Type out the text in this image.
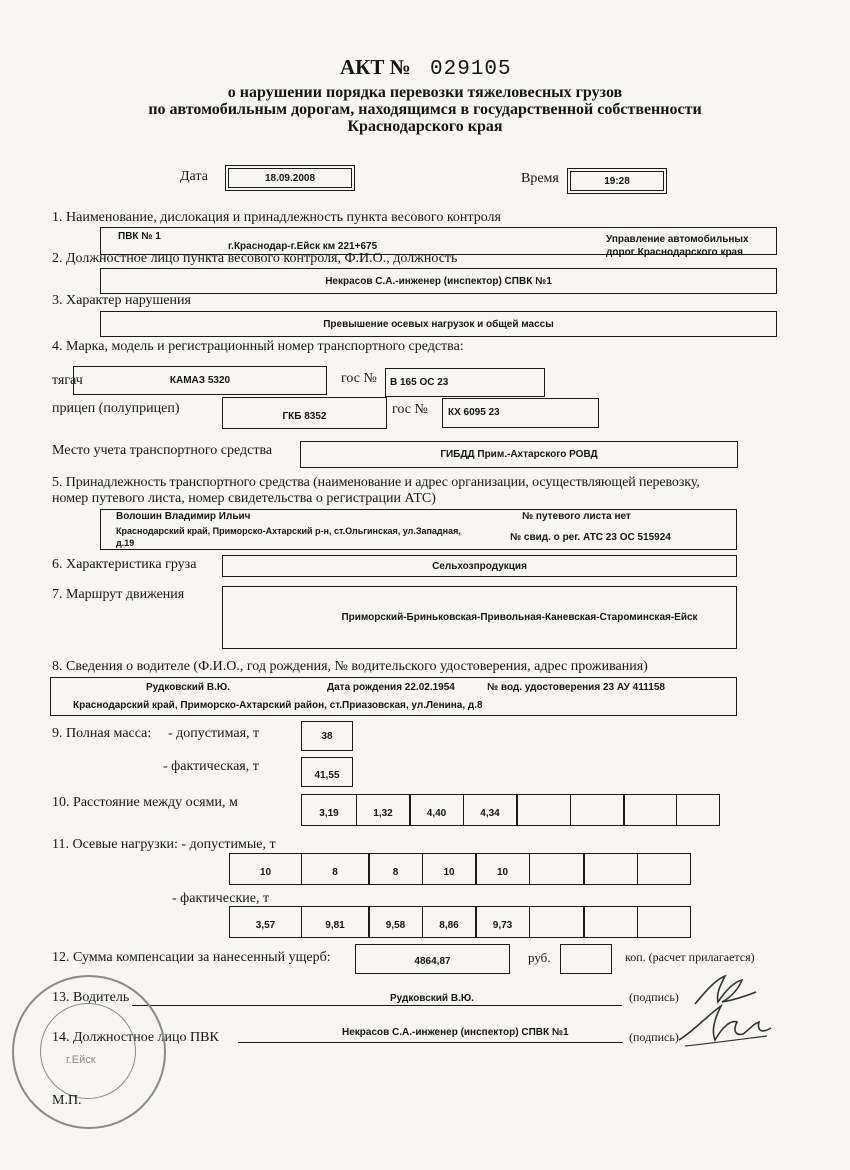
АКТ № 029105
о нарушении порядка перевозки тяжеловесных грузов
по автомобильным дорогам, находящимся в государственной собственности
Краснодарского края
Дата	18.09.2008	Время	19:28
1. Наименование, дислокация и принадлежность пункта весового контроля
ПВК № 1
г.Краснодар-г.Ейск км 221+675
Управление автомобильных
дорог Краснодарского края
2. Должностное лицо пункта весового контроля, Ф.И.О., должность
Некрасов С.А.-инженер (инспектор) СПВК №1
3. Характер нарушения
Превышение осевых нагрузок и общей массы
4. Марка, модель и регистрационный номер транспортного средства:
тягач	КАМАЗ 5320	гос № В 165 ОС 23
прицеп (полуприцеп)	ГКБ 8352	гос № КХ 6095 23
Место учета транспортного средства	ГИБДД Прим.-Ахтарского РОВД
5. Принадлежность транспортного средства (наименование и адрес организации, осуществляющей перевозку,
номер путевого листа, номер свидетельства о регистрации АТС)
Волошин Владимир Ильич
Краснодарский край, Приморско-Ахтарский р-н, ст.Ольгинская, ул.Западная,
д.19
№ путевого листа нет
№ свид. о рег. АТС 23 ОС 515924
6. Характеристика груза	Сельхозпродукция
7. Маршрут движения
Приморский-Бриньковская-Привольная-Каневская-Староминская-Ейск
8. Сведения о водителе (Ф.И.О., год рождения, № водительского удостоверения, адрес проживания)
Рудковский В.Ю.	Дата рождения 22.02.1954	№ вод. удостоверения 23 АУ 411158
Краснодарский край, Приморско-Ахтарский район, ст.Приазовская, ул.Ленина, д.8
9. Полная масса: - допустимая, т	38
- фактическая, т
41,55
10. Расстояние между осями, м
3,19	1,32	4,40	4,34
11. Осевые нагрузки: - допустимые, т
10	8	8	10	10
- фактические, т
3,57	9,81	9,58	8,86	9,73
12. Сумма компенсации за нанесенный ущерб:	4864,87	руб.	коп. (расчет прилагается)
13. Водитель	Рудковский В.Ю.	(подпись)
14. Должностное лицо ПВК	Некрасов С.А.-инженер (инспектор) СПВК №1	(подпись)
г.Ейск
М.П.
